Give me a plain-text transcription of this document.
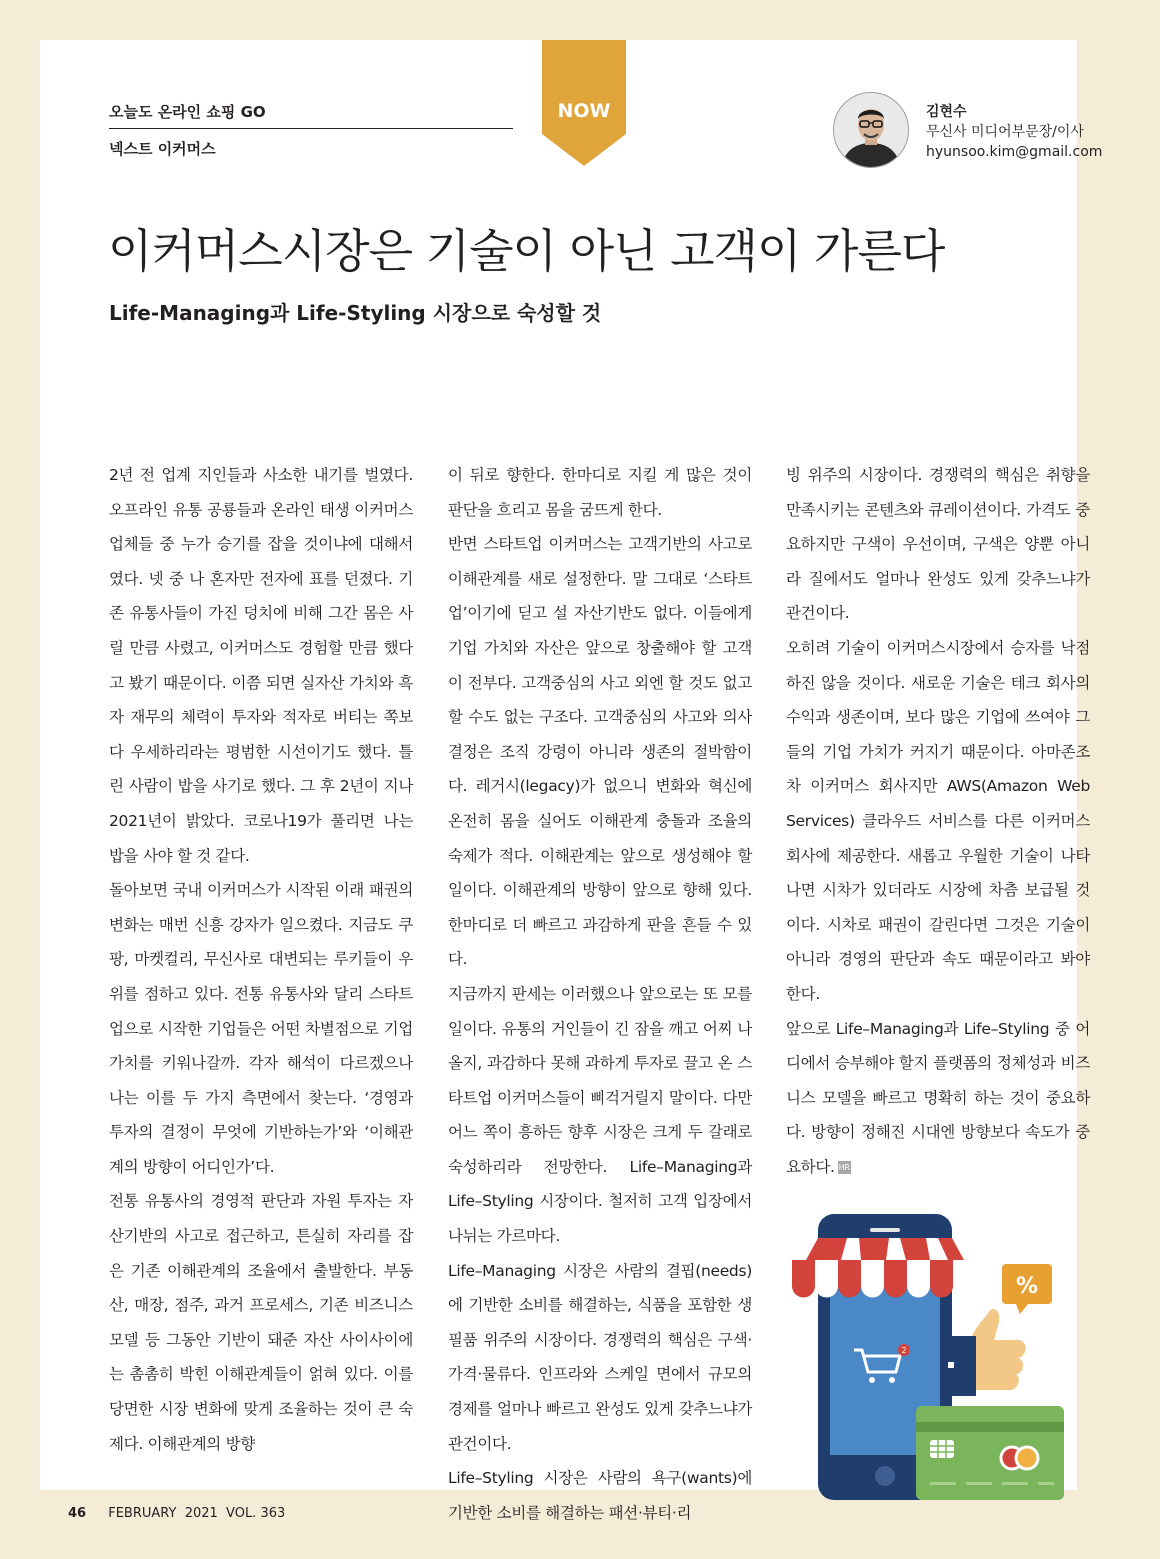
오늘도 온라인 쇼핑 GO
넥스트 이커머스
NOW	김현수
무신사 미디어부문장/이사
hyunsoo.kim@gmail.com
이커머스시장은 기술이 아닌 고객이 가른다

Life-Managing과 Life-Styling 시장으로 숙성할 것

2년 전 업계 지인들과 사소한 내기를 벌였다. 오프라인 유통 공룡들과 온라인 태생 이커머스 업체들 중 누가 승기를 잡을 것이냐에 대해서였다. 넷 중 나 혼자만 전자에 표를 던졌다. 기존 유통사들이 가진 덩치에 비해 그간 몸은 사릴 만큼 사렸고, 이커머스도 경험할 만큼 했다고 봤기 때문이다. 이쯤 되면 실자산 가치와 흑자 재무의 체력이 투자와 적자로 버티는 쪽보다 우세하리라는 평범한 시선이기도 했다. 틀린 사람이 밥을 사기로 했다. 그 후 2년이 지나 2021년이 밝았다. 코로나19가 풀리면 나는 밥을 사야 할 것 같다.

돌아보면 국내 이커머스가 시작된 이래 패권의 변화는 매번 신흥 강자가 일으켰다. 지금도 쿠팡, 마켓컬리, 무신사로 대변되는 루키들이 우위를 점하고 있다. 전통 유통사와 달리 스타트업으로 시작한 기업들은 어떤 차별점으로 기업 가치를 키워나갈까. 각자 해석이 다르겠으나 나는 이를 두 가지 측면에서 찾는다. ‘경영과 투자의 결정이 무엇에 기반하는가’와 ‘이해관계의 방향이 어디인가’다.

전통 유통사의 경영적 판단과 자원 투자는 자산기반의 사고로 접근하고, 튼실히 자리를 잡은 기존 이해관계의 조율에서 출발한다. 부동산, 매장, 점주, 과거 프로세스, 기존 비즈니스 모델 등 그동안 기반이 돼준 자산 사이사이에는 촘촘히 박힌 이해관계들이 얽혀 있다. 이를 당면한 시장 변화에 맞게 조율하는 것이 큰 숙제다. 이해관계의 방향

이 뒤로 향한다. 한마디로 지킬 게 많은 것이 판단을 흐리고 몸을 굼뜨게 한다.

반면 스타트업 이커머스는 고객기반의 사고로 이해관계를 새로 설정한다. 말 그대로 ‘스타트업’이기에 딛고 설 자산기반도 없다. 이들에게 기업 가치와 자산은 앞으로 창출해야 할 고객이 전부다. 고객중심의 사고 외엔 할 것도 없고 할 수도 없는 구조다. 고객중심의 사고와 의사결정은 조직 강령이 아니라 생존의 절박함이다. 레거시(legacy)가 없으니 변화와 혁신에 온전히 몸을 실어도 이해관계 충돌과 조율의 숙제가 적다. 이해관계는 앞으로 생성해야 할 일이다. 이해관계의 방향이 앞으로 향해 있다. 한마디로 더 빠르고 과감하게 판을 흔들 수 있다.

지금까지 판세는 이러했으나 앞으로는 또 모를 일이다. 유통의 거인들이 긴 잠을 깨고 어찌 나올지, 과감하다 못해 과하게 투자로 끌고 온 스타트업 이커머스들이 삐걱거릴지 말이다. 다만 어느 쪽이 흥하든 향후 시장은 크게 두 갈래로 숙성하리라 전망한다. Life–Managing과 Life–Styling 시장이다. 철저히 고객 입장에서 나뉘는 가르마다.

Life–Managing 시장은 사람의 결핍(needs)에 기반한 소비를 해결하는, 식품을 포함한 생필품 위주의 시장이다. 경쟁력의 핵심은 구색·가격·물류다. 인프라와 스케일 면에서 규모의 경제를 얼마나 빠르고 완성도 있게 갖추느냐가 관건이다.

Life–Styling 시장은 사람의 욕구(wants)에 기반한 소비를 해결하는 패션·뷰티·리

빙 위주의 시장이다. 경쟁력의 핵심은 취향을 만족시키는 콘텐츠와 큐레이션이다. 가격도 중요하지만 구색이 우선이며, 구색은 양뿐 아니라 질에서도 얼마나 완성도 있게 갖추느냐가 관건이다.

오히려 기술이 이커머스시장에서 승자를 낙점하진 않을 것이다. 새로운 기술은 테크 회사의 수익과 생존이며, 보다 많은 기업에 쓰여야 그들의 기업 가치가 커지기 때문이다. 아마존조차 이커머스 회사지만 AWS(Amazon Web Services) 클라우드 서비스를 다른 이커머스 회사에 제공한다. 새롭고 우월한 기술이 나타나면 시차가 있더라도 시장에 차츰 보급될 것이다. 시차로 패권이 갈린다면 그것은 기술이 아니라 경영의 판단과 속도 때문이라고 봐야 한다.

앞으로 Life–Managing과 Life–Styling 중 어디에서 승부해야 할지 플랫폼의 정체성과 비즈니스 모델을 빠르고 명확히 하는 것이 중요하다. 방향이 정해진 시대엔 방향보다 속도가 중요하다. HR

2
%
46 FEBRUARY  2021  VOL. 363
